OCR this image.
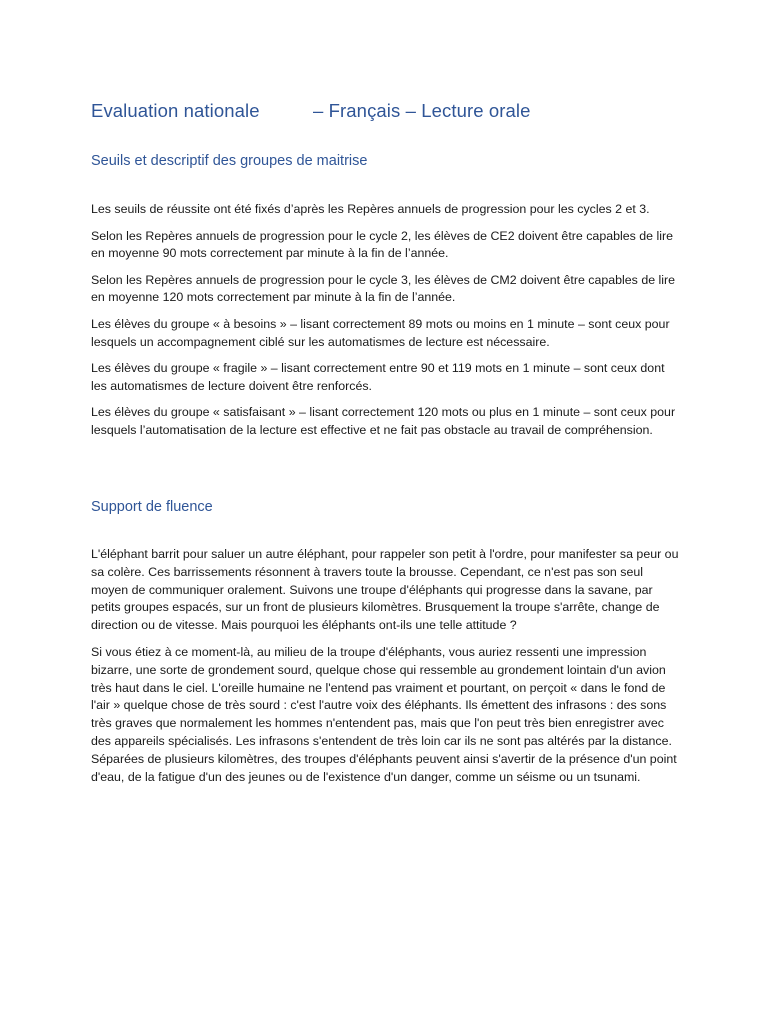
Evaluation nationale	– Français – Lecture orale
Seuils et descriptif des groupes de maitrise

Les seuils de réussite ont été fixés d’après les Repères annuels de progression pour les cycles 2 et 3.

Selon les Repères annuels de progression pour le cycle 2, les élèves de CE2 doivent être capables de lire en moyenne 90 mots correctement par minute à la fin de l’année.

Selon les Repères annuels de progression pour le cycle 3, les élèves de CM2 doivent être capables de lire en moyenne 120 mots correctement par minute à la fin de l’année.

Les élèves du groupe « à besoins » – lisant correctement 89 mots ou moins en 1 minute – sont ceux pour lesquels un accompagnement ciblé sur les automatismes de lecture est nécessaire.

Les élèves du groupe « fragile » – lisant correctement entre 90 et 119 mots en 1 minute – sont ceux dont les automatismes de lecture doivent être renforcés.

Les élèves du groupe « satisfaisant » – lisant correctement 120 mots ou plus en 1 minute – sont ceux pour lesquels l’automatisation de la lecture est effective et ne fait pas obstacle au travail de compréhension.

Support de fluence

L'éléphant barrit pour saluer un autre éléphant, pour rappeler son petit à l'ordre, pour manifester sa peur ou sa colère. Ces barrissements résonnent à travers toute la brousse. Cependant, ce n'est pas son seul moyen de communiquer oralement. Suivons une troupe d'éléphants qui progresse dans la savane, par petits groupes espacés, sur un front de plusieurs kilomètres. Brusquement la troupe s'arrête, change de direction ou de vitesse. Mais pourquoi les éléphants ont-ils une telle attitude ?

Si vous étiez à ce moment-là, au milieu de la troupe d'éléphants, vous auriez ressenti une impression bizarre, une sorte de grondement sourd, quelque chose qui ressemble au grondement lointain d'un avion très haut dans le ciel. L'oreille humaine ne l'entend pas vraiment et pourtant, on perçoit « dans le fond de l'air » quelque chose de très sourd : c'est l'autre voix des éléphants. Ils émettent des infrasons : des sons très graves que normalement les hommes n'entendent pas, mais que l'on peut très bien enregistrer avec des appareils spécialisés. Les infrasons s'entendent de très loin car ils ne sont pas altérés par la distance. Séparées de plusieurs kilomètres, des troupes d'éléphants peuvent ainsi s'avertir de la présence d'un point d'eau, de la fatigue d'un des jeunes ou de l'existence d'un danger, comme un séisme ou un tsunami.
